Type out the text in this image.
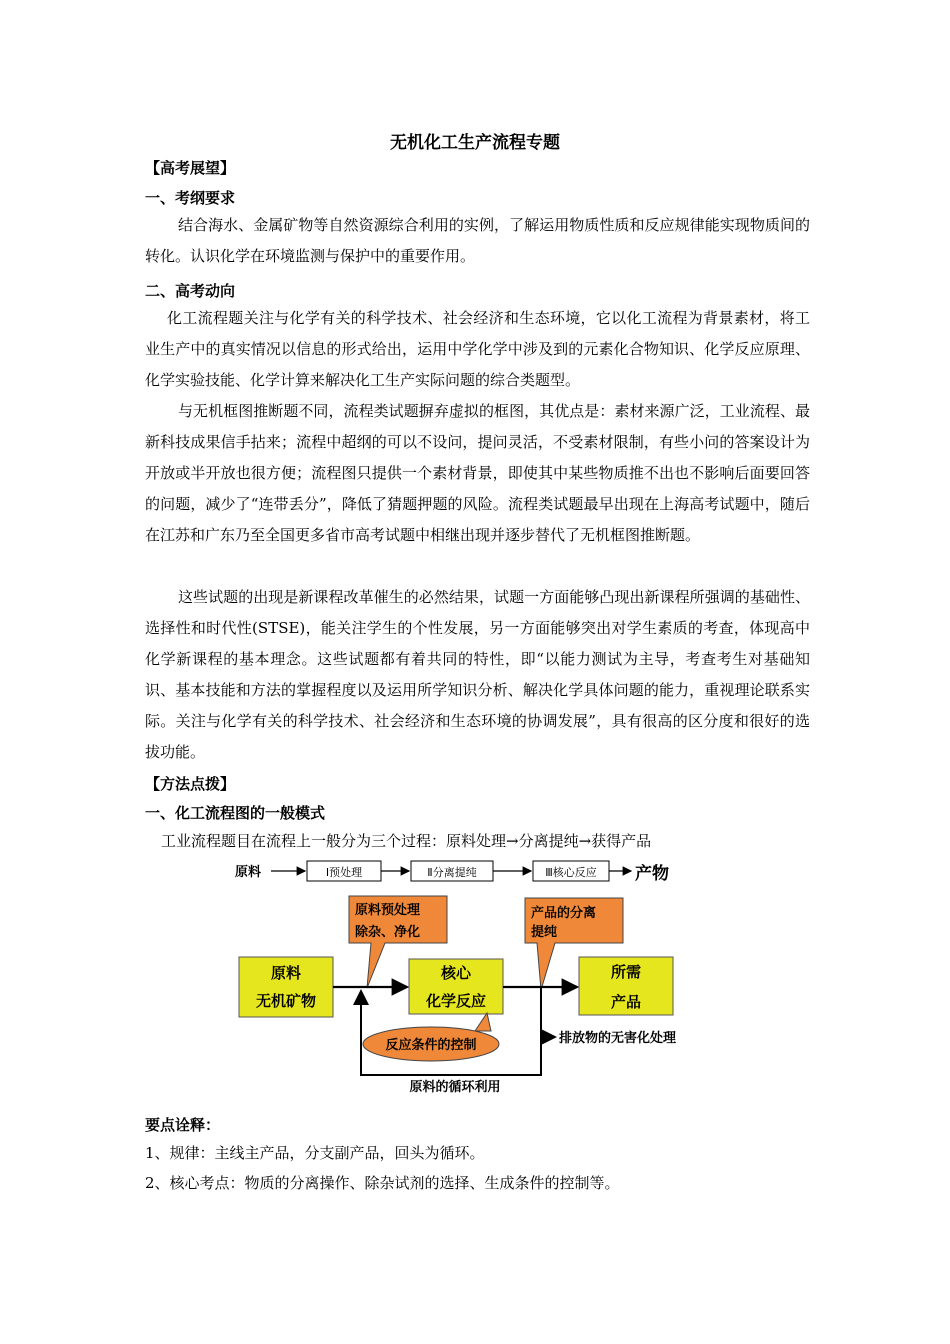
无机化工生产流程专题
【高考展望】
一、考纲要求

结合海水、金属矿物等自然资源综合利用的实例，了解运用物质性质和反应规律能实现物质间的转化。认识化学在环境监测与保护中的重要作用。

二、高考动向

化工流程题关注与化学有关的科学技术、社会经济和生态环境，它以化工流程为背景素材，将工业生产中的真实情况以信息的形式给出，运用中学化学中涉及到的元素化合物知识、化学反应原理、化学实验技能、化学计算来解决化工生产实际问题的综合类题型。

与无机框图推断题不同，流程类试题摒弃虚拟的框图，其优点是：素材来源广泛，工业流程、最新科技成果信手拈来；流程中超纲的可以不设问，提问灵活，不受素材限制，有些小问的答案设计为开放或半开放也很方便；流程图只提供一个素材背景，即使其中某些物质推不出也不影响后面要回答的问题，减少了“连带丢分”，降低了猜题押题的风险。流程类试题最早出现在上海高考试题中，随后在江苏和广东乃至全国更多省市高考试题中相继出现并逐步替代了无机框图推断题。

这些试题的出现是新课程改革催生的必然结果，试题一方面能够凸现出新课程所强调的基础性、选择性和时代性(STSE)，能关注学生的个性发展，另一方面能够突出对学生素质的考查，体现高中化学新课程的基本理念。这些试题都有着共同的特性，即“以能力测试为主导，考查考生对基础知识、基本技能和方法的掌握程度以及运用所学知识分析、解决化学具体问题的能力，重视理论联系实际。关注与化学有关的科学技术、社会经济和生态环境的协调发展”，具有很高的区分度和很好的选拔功能。

【方法点拨】
一、化工流程图的一般模式
工业流程题目在流程上一般分为三个过程：原料处理→分离提纯→获得产品
原料	Ⅰ预处理	Ⅱ分离提纯	Ⅲ核心反应 产物
原料预处理
除杂、净化
产品的分离
提纯
原料
无机矿物
核心
化学反应
所需
产品
反应条件的控制	排放物的无害化处理
原料的循环利用
要点诠释：
1、规律：主线主产品，分支副产品，回头为循环。
2、核心考点：物质的分离操作、除杂试剂的选择、生成条件的控制等。
